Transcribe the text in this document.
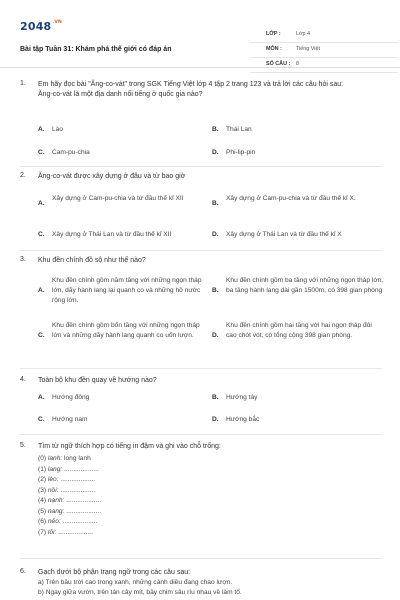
$2048^{.VN}$
Bài tập Tuần 31: Khám phá thế giới có đáp án
LỚP :	Lớp 4
MÔN :	Tiếng Việt
SỐ CÂU : 8
1. Em hãy đọc bài "Ăng-co-vát" trong SGK Tiếng Việt lớp 4 tập 2 trang 123 và trả lời các câu hỏi sau:
Ăng-co-vát là một địa danh nổi tiếng ở quốc gia nào?
A. Lào	B. Thái Lan
C. Cam-pu-chia	D. Phi-lip-pin
2. Ăng-co-vát được xây dựng ở đâu và từ bao giờ
A.
Xây dựng ở Cam-pu-chia và từ đầu thế kỉ XII
B.
Xây dựng ở Cam-pu-chia và từ đầu thế kỉ X.
C. Xây dựng ở Thái Lan và từ đầu thế kỉ XII	D. Xây dựng ở Thái Lan và từ đầu thế kỉ X
3. Khu đền chính đồ sộ như thế nào?
A.
Khu đền chính gồm năm tầng với những ngọn tháp lớn, dãy hành lang lại quanh co và những hồ nước rộng lớn.
B.
Khu đền chính gồm ba tầng với những ngọn tháp lớn, ba tầng hành lang dài gần 1500m, có 398 gian phòng
C.
Khu đền chính gồm bốn tầng với những ngọn tháp lớn và những dãy hành lang quanh co uốn lượn.	D.
Khu đền chính gồm hai tầng với hai ngọn tháp đôi cao chót vót, có tổng cộng 398 gian phòng.
4. Toàn bộ khu đền quay về hướng nào?
A. Hướng đông	B. Hướng tây
C. Hướng nam	D. Hướng bắc
5. Tìm từ ngữ thích hợp có tiếng in đậm và ghi vào chỗ trống:
(0) lanh: long lanh
(1) lang: ...................
(2) lèo: ...................
(3) nồi: ...................
(4) nạnh: ...................
(5) nang: ...................
(6) nẻo: ...................
(7) lõi: ...................
6. Gạch dưới bộ phận trạng ngữ trong các câu sau:
a) Trên bầu trời cao trong xanh, những cánh diều đang chao lượn.
b) Ngay giữa vườn, trên tán cây mít, bầy chim sâu ríu nhau về làm tổ.
